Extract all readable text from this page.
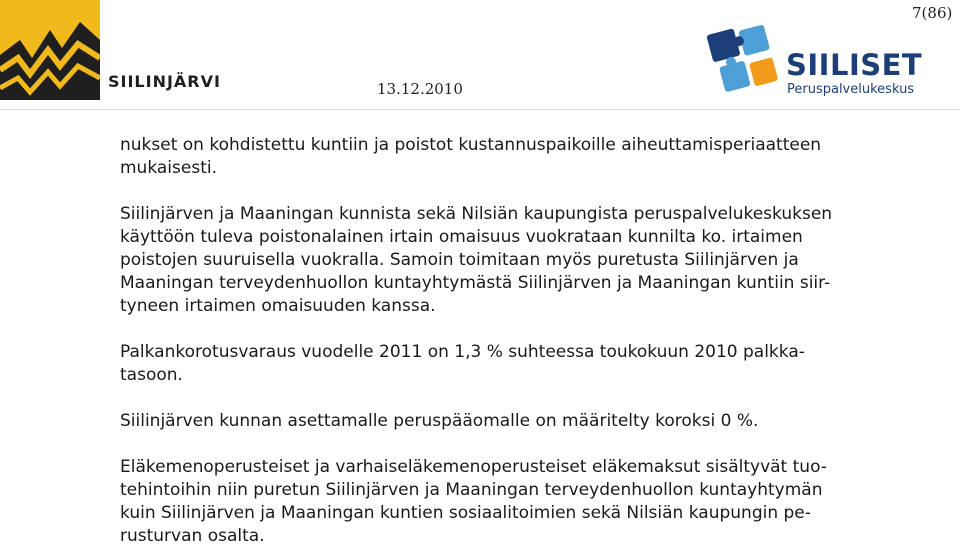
SIILINJÄRVI	13.12.2010
7(86)
SIILISET
Peruspalvelukeskus

nukset on kohdistettu kuntiin ja poistot kustannuspaikoille aiheuttamisperiaatteen
mukaisesti.

Siilinjärven ja Maaningan kunnista sekä Nilsiän kaupungista peruspalvelukeskuksen
käyttöön tuleva poistonalainen irtain omaisuus vuokrataan kunnilta ko. irtaimen
poistojen suuruisella vuokralla. Samoin toimitaan myös puretusta Siilinjärven ja
Maaningan terveydenhuollon kuntayhtymästä Siilinjärven ja Maaningan kuntiin siir-
tyneen irtaimen omaisuuden kanssa.

Palkankorotusvaraus vuodelle 2011 on 1,3 % suhteessa toukokuun 2010 palkka-
tasoon.

Siilinjärven kunnan asettamalle peruspääomalle on määritelty koroksi 0 %.

Eläkemenoperusteiset ja varhaiseläkemenoperusteiset eläkemaksut sisältyvät tuo-
tehintoihin niin puretun Siilinjärven ja Maaningan terveydenhuollon kuntayhtymän
kuin Siilinjärven ja Maaningan kuntien sosiaalitoimien sekä Nilsiän kaupungin pe-
rusturvan osalta.
